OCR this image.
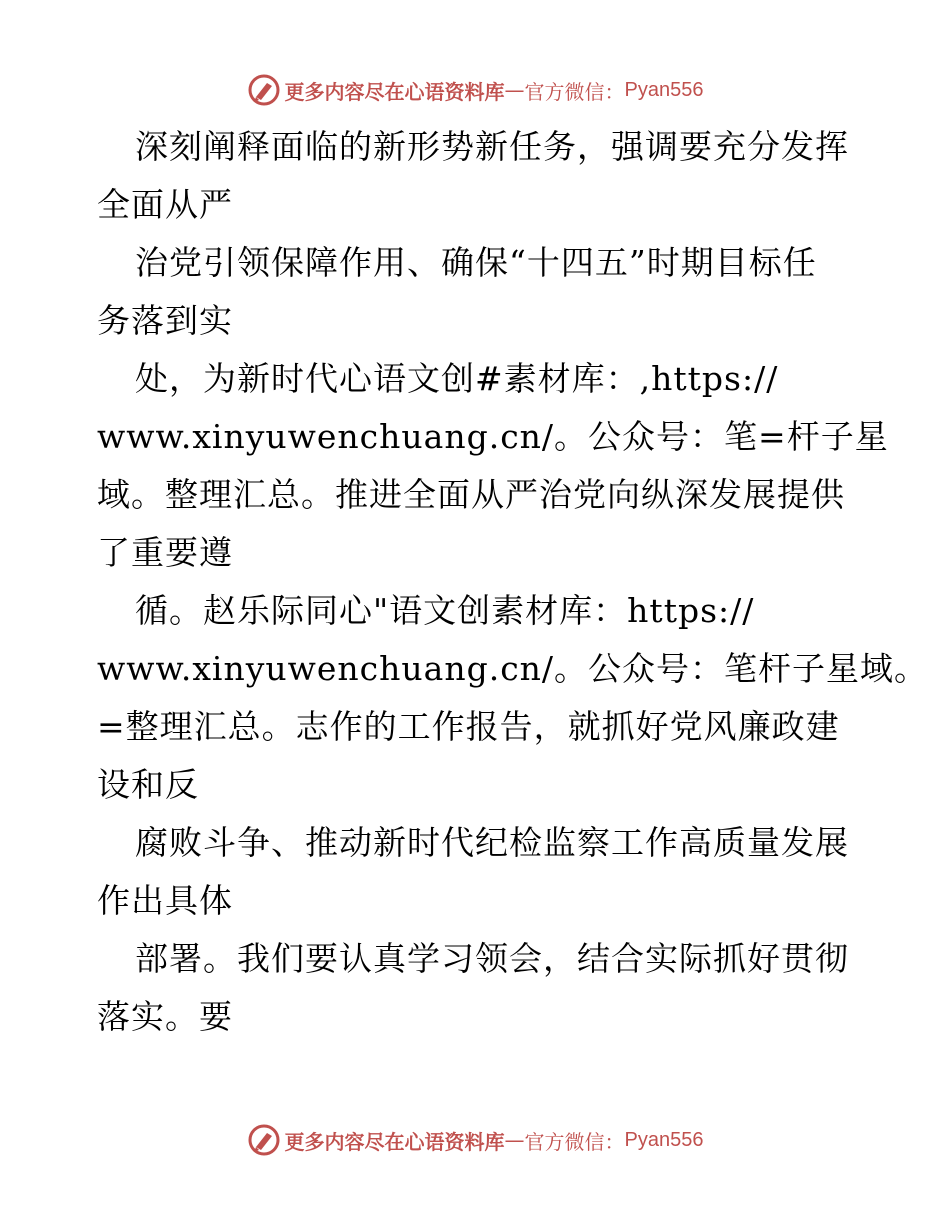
更多内容尽在心语资料库 — 官方微信： Pyan556
深刻阐释面临的新形势新任务，强调要充分发挥
全面从严
治党引领保障作用、确保“十四五”时期目标任
务落到实
处，为新时代心语文创#素材库：,https://
www.xinyuwenchuang.cn/。公众号：笔=杆子星
域。整理汇总。推进全面从严治党向纵深发展提供
了重要遵
循。赵乐际同心"语文创素材库：https://
www.xinyuwenchuang.cn/。公众号：笔杆子星域。
=整理汇总。志作的工作报告，就抓好党风廉政建
设和反
腐败斗争、推动新时代纪检监察工作高质量发展
作出具体
部署。我们要认真学习领会，结合实际抓好贯彻
落实。要
更多内容尽在心语资料库 — 官方微信： Pyan556
